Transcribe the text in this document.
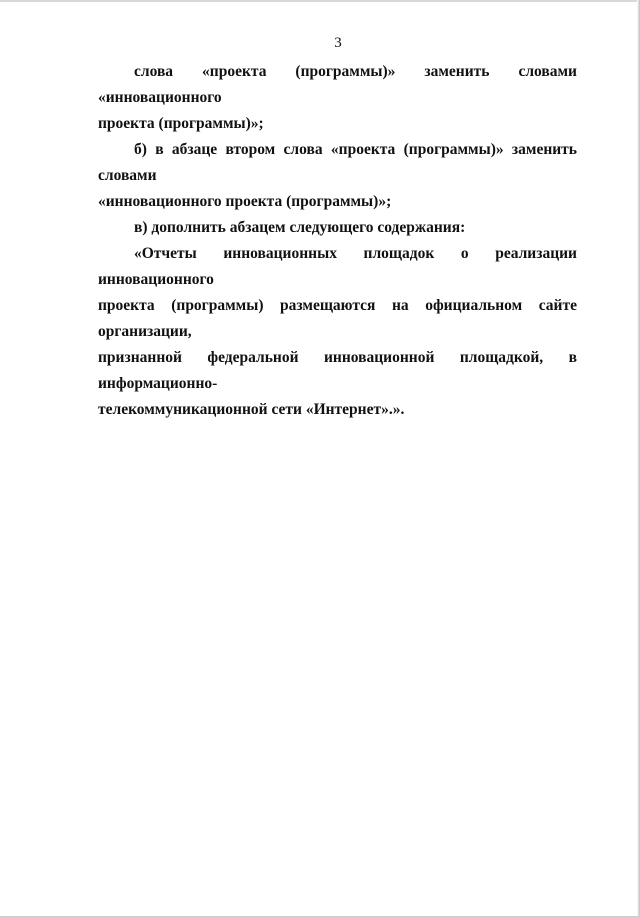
3

слова «проекта (программы)» заменить словами «инновационного
проекта (программы)»;

б) в абзаце втором слова «проекта (программы)» заменить словами
«инновационного проекта (программы)»;

в) дополнить абзацем следующего содержания:

«Отчеты инновационных площадок о реализации инновационного
проекта (программы) размещаются на официальном сайте организации,
признанной федеральной инновационной площадкой, в информационно-
телекоммуникационной сети «Интернет».».
